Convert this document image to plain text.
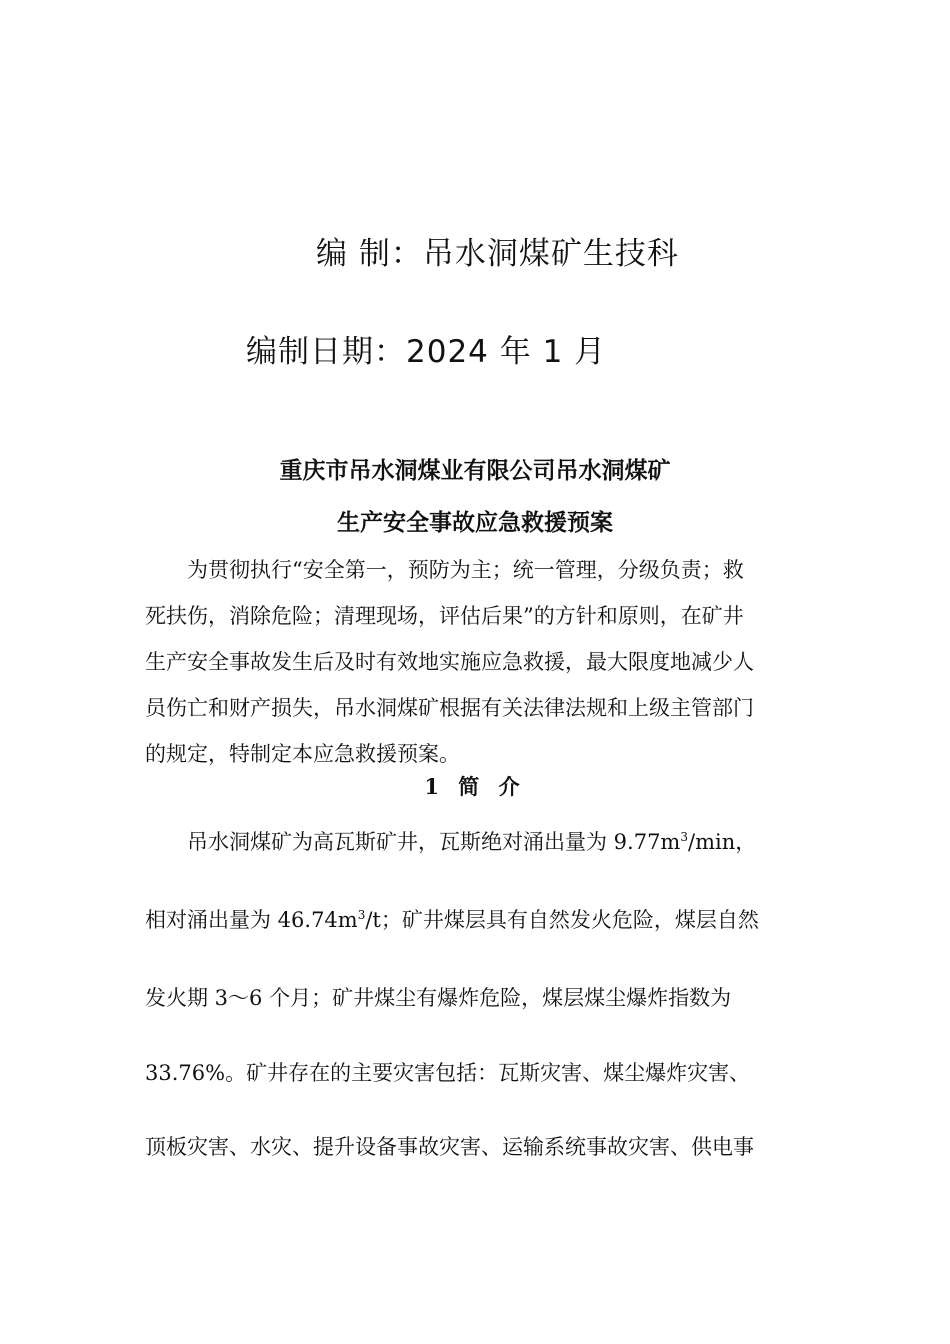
编 制：吊水洞煤矿生技科
编制日期：2024 年 1 月
重庆市吊水洞煤业有限公司吊水洞煤矿
生产安全事故应急救援预案
为贯彻执行“安全第一，预防为主；统一管理，分级负责；救
死扶伤，消除危险；清理现场，评估后果”的方针和原则，在矿井
生产安全事故发生后及时有效地实施应急救援，最大限度地减少人
员伤亡和财产损失，吊水洞煤矿根据有关法律法规和上级主管部门
的规定，特制定本应急救援预案。
1 简 介
吊水洞煤矿为高瓦斯矿井，瓦斯绝对涌出量为 $9.77m^3/\min$，
相对涌出量为 $46.74m^3/t$；矿井煤层具有自然发火危险，煤层自然
发火期 3～6 个月；矿井煤尘有爆炸危险，煤层煤尘爆炸指数为
33.76%。矿井存在的主要灾害包括：瓦斯灾害、煤尘爆炸灾害、
顶板灾害、水灾、提升设备事故灾害、运输系统事故灾害、供电事
